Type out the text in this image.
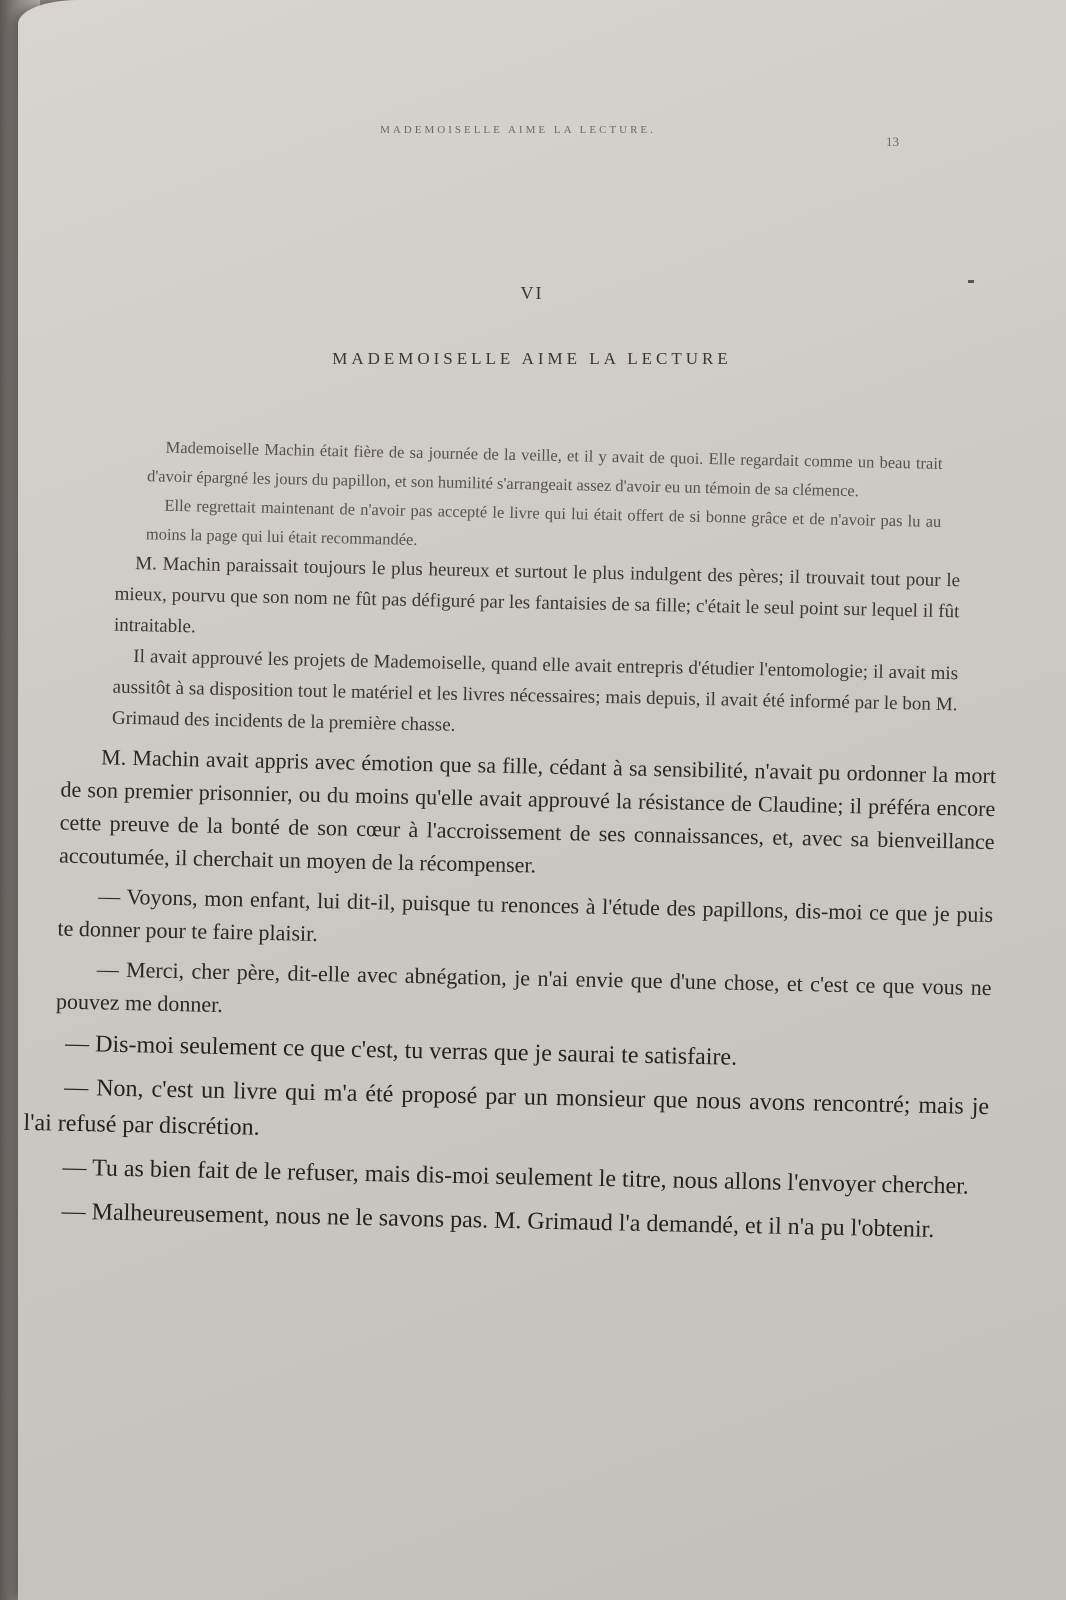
MADEMOISELLE AIME LA LECTURE.
13
VI
MADEMOISELLE AIME LA LECTURE

Mademoiselle Machin était fière de sa journée de la veille, et il y avait de quoi. Elle regardait comme un beau trait d'avoir épargné les jours du papillon, et son humilité s'arrangeait assez d'avoir eu un témoin de sa clémence.

Elle regrettait maintenant de n'avoir pas accepté le livre qui lui était offert de si bonne grâce et de n'avoir pas lu au moins la page qui lui était recommandée.

M. Machin paraissait toujours le plus heureux et surtout le plus indulgent des pères; il trouvait tout pour le mieux, pourvu que son nom ne fût pas défiguré par les fantaisies de sa fille; c'était le seul point sur lequel il fût intraitable.

Il avait approuvé les projets de Mademoiselle, quand elle avait entrepris d'étudier l'entomologie; il avait mis aussitôt à sa disposition tout le matériel et les livres nécessaires; mais depuis, il avait été informé par le bon M. Grimaud des incidents de la première chasse.

M. Machin avait appris avec émotion que sa fille, cédant à sa sensibilité, n'avait pu ordonner la mort de son premier prisonnier, ou du moins qu'elle avait approuvé la résistance de Claudine; il préféra encore cette preuve de la bonté de son cœur à l'accroissement de ses connaissances, et, avec sa bienveillance accoutumée, il cherchait un moyen de la récompenser.

— Voyons, mon enfant, lui dit-il, puisque tu renonces à l'étude des papillons, dis-moi ce que je puis te donner pour te faire plaisir.

— Merci, cher père, dit-elle avec abnégation, je n'ai envie que d'une chose, et c'est ce que vous ne pouvez me donner.

— Dis-moi seulement ce que c'est, tu verras que je saurai te satisfaire.

— Non, c'est un livre qui m'a été proposé par un monsieur que nous avons rencontré; mais je l'ai refusé par discrétion.

— Tu as bien fait de le refuser, mais dis-moi seulement le titre, nous allons l'envoyer chercher.

— Malheureusement, nous ne le savons pas. M. Grimaud l'a demandé, et il n'a pu l'obtenir.
